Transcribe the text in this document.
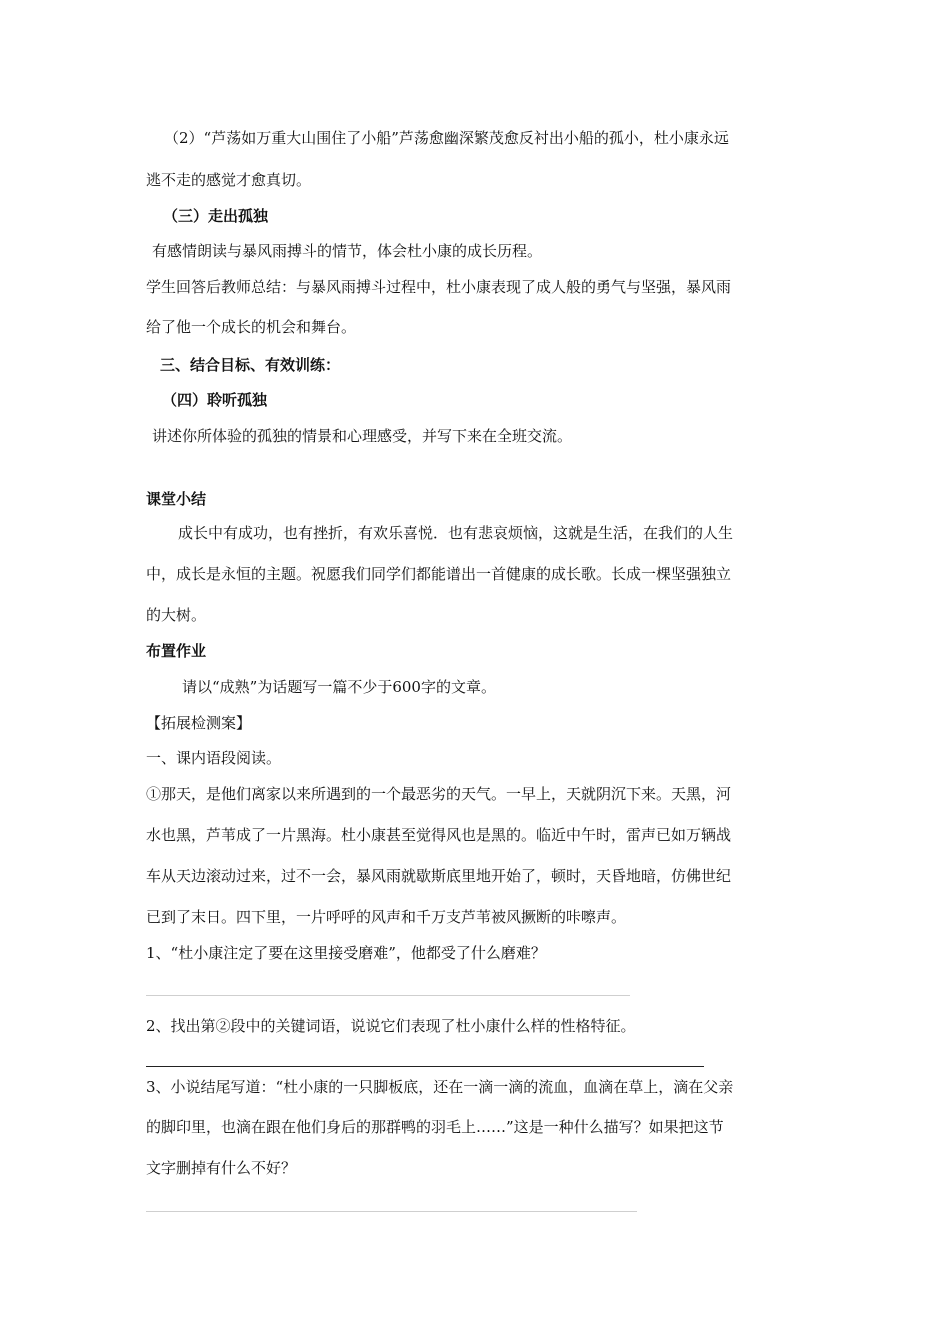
（2）“芦荡如万重大山围住了小船”芦荡愈幽深繁茂愈反衬出小船的孤小，杜小康永远
逃不走的感觉才愈真切。
（三）走出孤独
有感情朗读与暴风雨搏斗的情节，体会杜小康的成长历程。
学生回答后教师总结：与暴风雨搏斗过程中，杜小康表现了成人般的勇气与坚强，暴风雨
给了他一个成长的机会和舞台。
三、结合目标、有效训练：
（四）聆听孤独
讲述你所体验的孤独的情景和心理感受，并写下来在全班交流。
课堂小结
成长中有成功，也有挫折，有欢乐喜悦．也有悲哀烦恼，这就是生活，在我们的人生
中，成长是永恒的主题。祝愿我们同学们都能谱出一首健康的成长歌。长成一棵坚强独立
的大树。
布置作业
请以“成熟”为话题写一篇不少于600字的文章。
【拓展检测案】
一、课内语段阅读。
①那天，是他们离家以来所遇到的一个最恶劣的天气。一早上，天就阴沉下来。天黑，河
水也黑，芦苇成了一片黑海。杜小康甚至觉得风也是黑的。临近中午时，雷声已如万辆战
车从天边滚动过来，过不一会，暴风雨就歇斯底里地开始了，顿时，天昏地暗，仿佛世纪
已到了末日。四下里，一片呼呼的风声和千万支芦苇被风撅断的咔嚓声。
1、“杜小康注定了要在这里接受磨难”，他都受了什么磨难？
2、找出第②段中的关键词语，说说它们表现了杜小康什么样的性格特征。
3、小说结尾写道：“杜小康的一只脚板底，还在一滴一滴的流血，血滴在草上，滴在父亲
的脚印里，也滴在跟在他们身后的那群鸭的羽毛上……”这是一种什么描写？如果把这节
文字删掉有什么不好？
